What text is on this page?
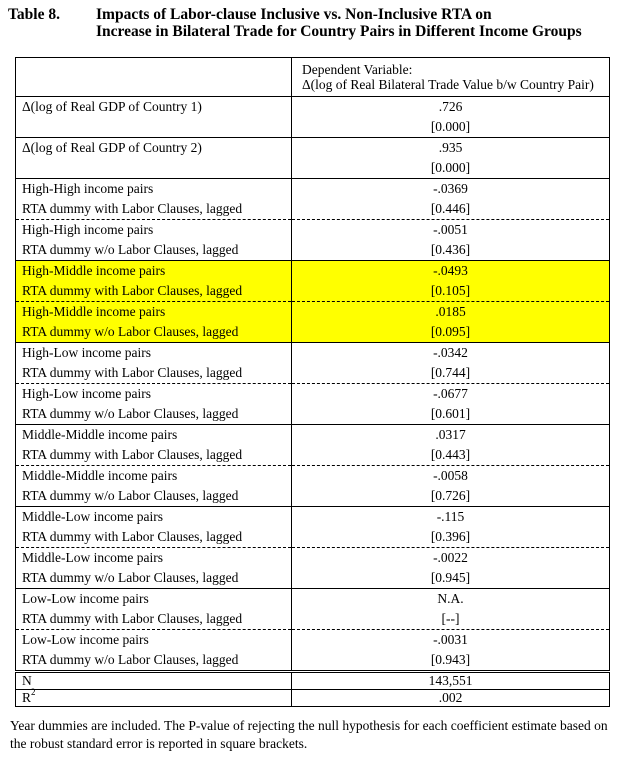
Table 8. Impacts of Labor-clause Inclusive vs. Non-Inclusive RTA on
Increase in Bilateral Trade for Country Pairs in Different Income Groups

	Dependent Variable:
Δ(log of Real Bilateral Trade Value b/w Country Pair)

Δ(log of Real GDP of Country 1)	.726
	[0.000]
Δ(log of Real GDP of Country 2)	.935
	[0.000]
High-High income pairs	-.0369
RTA dummy with Labor Clauses, lagged	[0.446]
High-High income pairs	-.0051
RTA dummy w/o Labor Clauses, lagged	[0.436]
High-Middle income pairs	-.0493
RTA dummy with Labor Clauses, lagged	[0.105]
High-Middle income pairs	.0185
RTA dummy w/o Labor Clauses, lagged	[0.095]
High-Low income pairs	-.0342
RTA dummy with Labor Clauses, lagged	[0.744]
High-Low income pairs	-.0677
RTA dummy w/o Labor Clauses, lagged	[0.601]
Middle-Middle income pairs	.0317
RTA dummy with Labor Clauses, lagged	[0.443]
Middle-Middle income pairs	-.0058
RTA dummy w/o Labor Clauses, lagged	[0.726]
Middle-Low income pairs	-.115
RTA dummy with Labor Clauses, lagged	[0.396]
Middle-Low income pairs	-.0022
RTA dummy w/o Labor Clauses, lagged	[0.945]
Low-Low income pairs	N.A.
RTA dummy with Labor Clauses, lagged	[--]
Low-Low income pairs	-.0031
RTA dummy w/o Labor Clauses, lagged	[0.943]
N	143,551
$R^2$	.002
Year dummies are included. The P-value of rejecting the null hypothesis for each coefficient estimate based on the robust standard error is reported in square brackets.
